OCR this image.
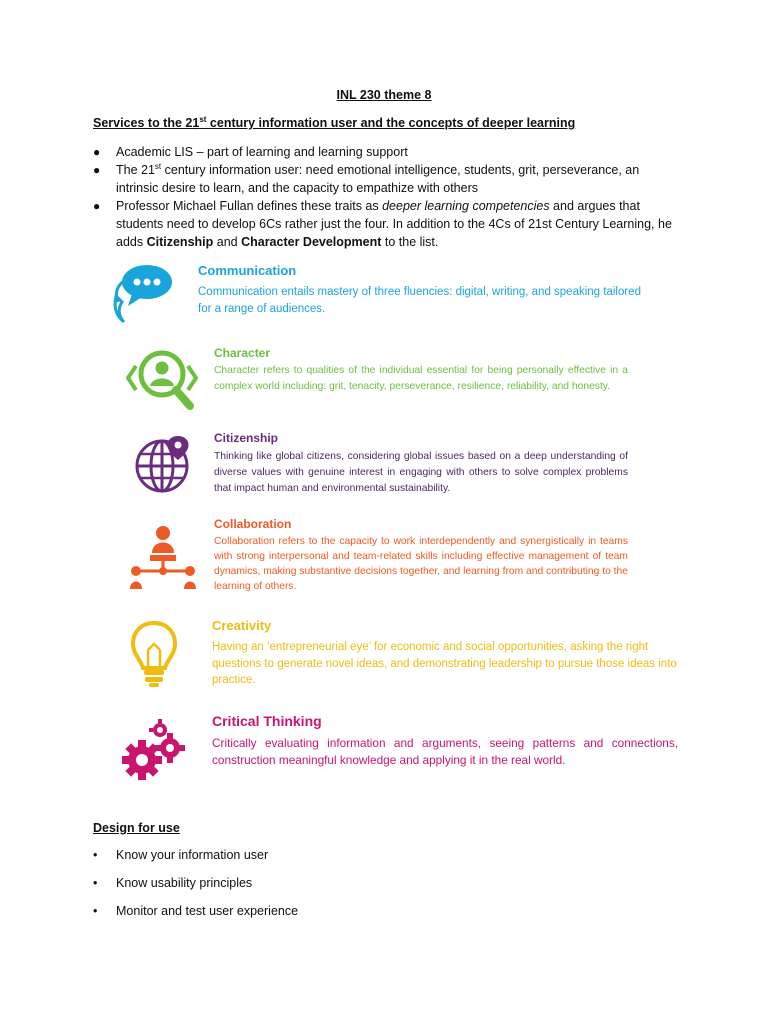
INL 230 theme 8
Services to the 21st century information user and the concepts of deeper learning
● Academic LIS – part of learning and learning support
● The 21st century information user: need emotional intelligence, students, grit, perseverance, an intrinsic desire to learn, and the capacity to empathize with others
● Professor Michael Fullan defines these traits as deeper learning competencies and argues that students need to develop 6Cs rather just the four. In addition to the 4Cs of 21st Century Learning, he adds Citizenship and Character Development to the list.
Communication
Communication entails mastery of three fluencies: digital, writing, and speaking tailored for a range of audiences.
Character
Character refers to qualities of the individual essential for being personally effective in a complex world including: grit, tenacity, perseverance, resilience, reliability, and honesty.
Citizenship
Thinking like global citizens, considering global issues based on a deep understanding of diverse values with genuine interest in engaging with others to solve complex problems that impact human and environmental sustainability.
Collaboration
Collaboration refers to the capacity to work interdependently and synergistically in teams with strong interpersonal and team-related skills including effective management of team dynamics, making substantive decisions together, and learning from and contributing to the learning of others.
Creativity
Having an ‘entrepreneurial eye’ for economic and social opportunities, asking the right questions to generate novel ideas, and demonstrating leadership to pursue those ideas into practice.
Critical Thinking
Critically evaluating information and arguments, seeing patterns and connections, construction meaningful knowledge and applying it in the real world.
Design for use
• Know your information user
• Know usability principles
• Monitor and test user experience
